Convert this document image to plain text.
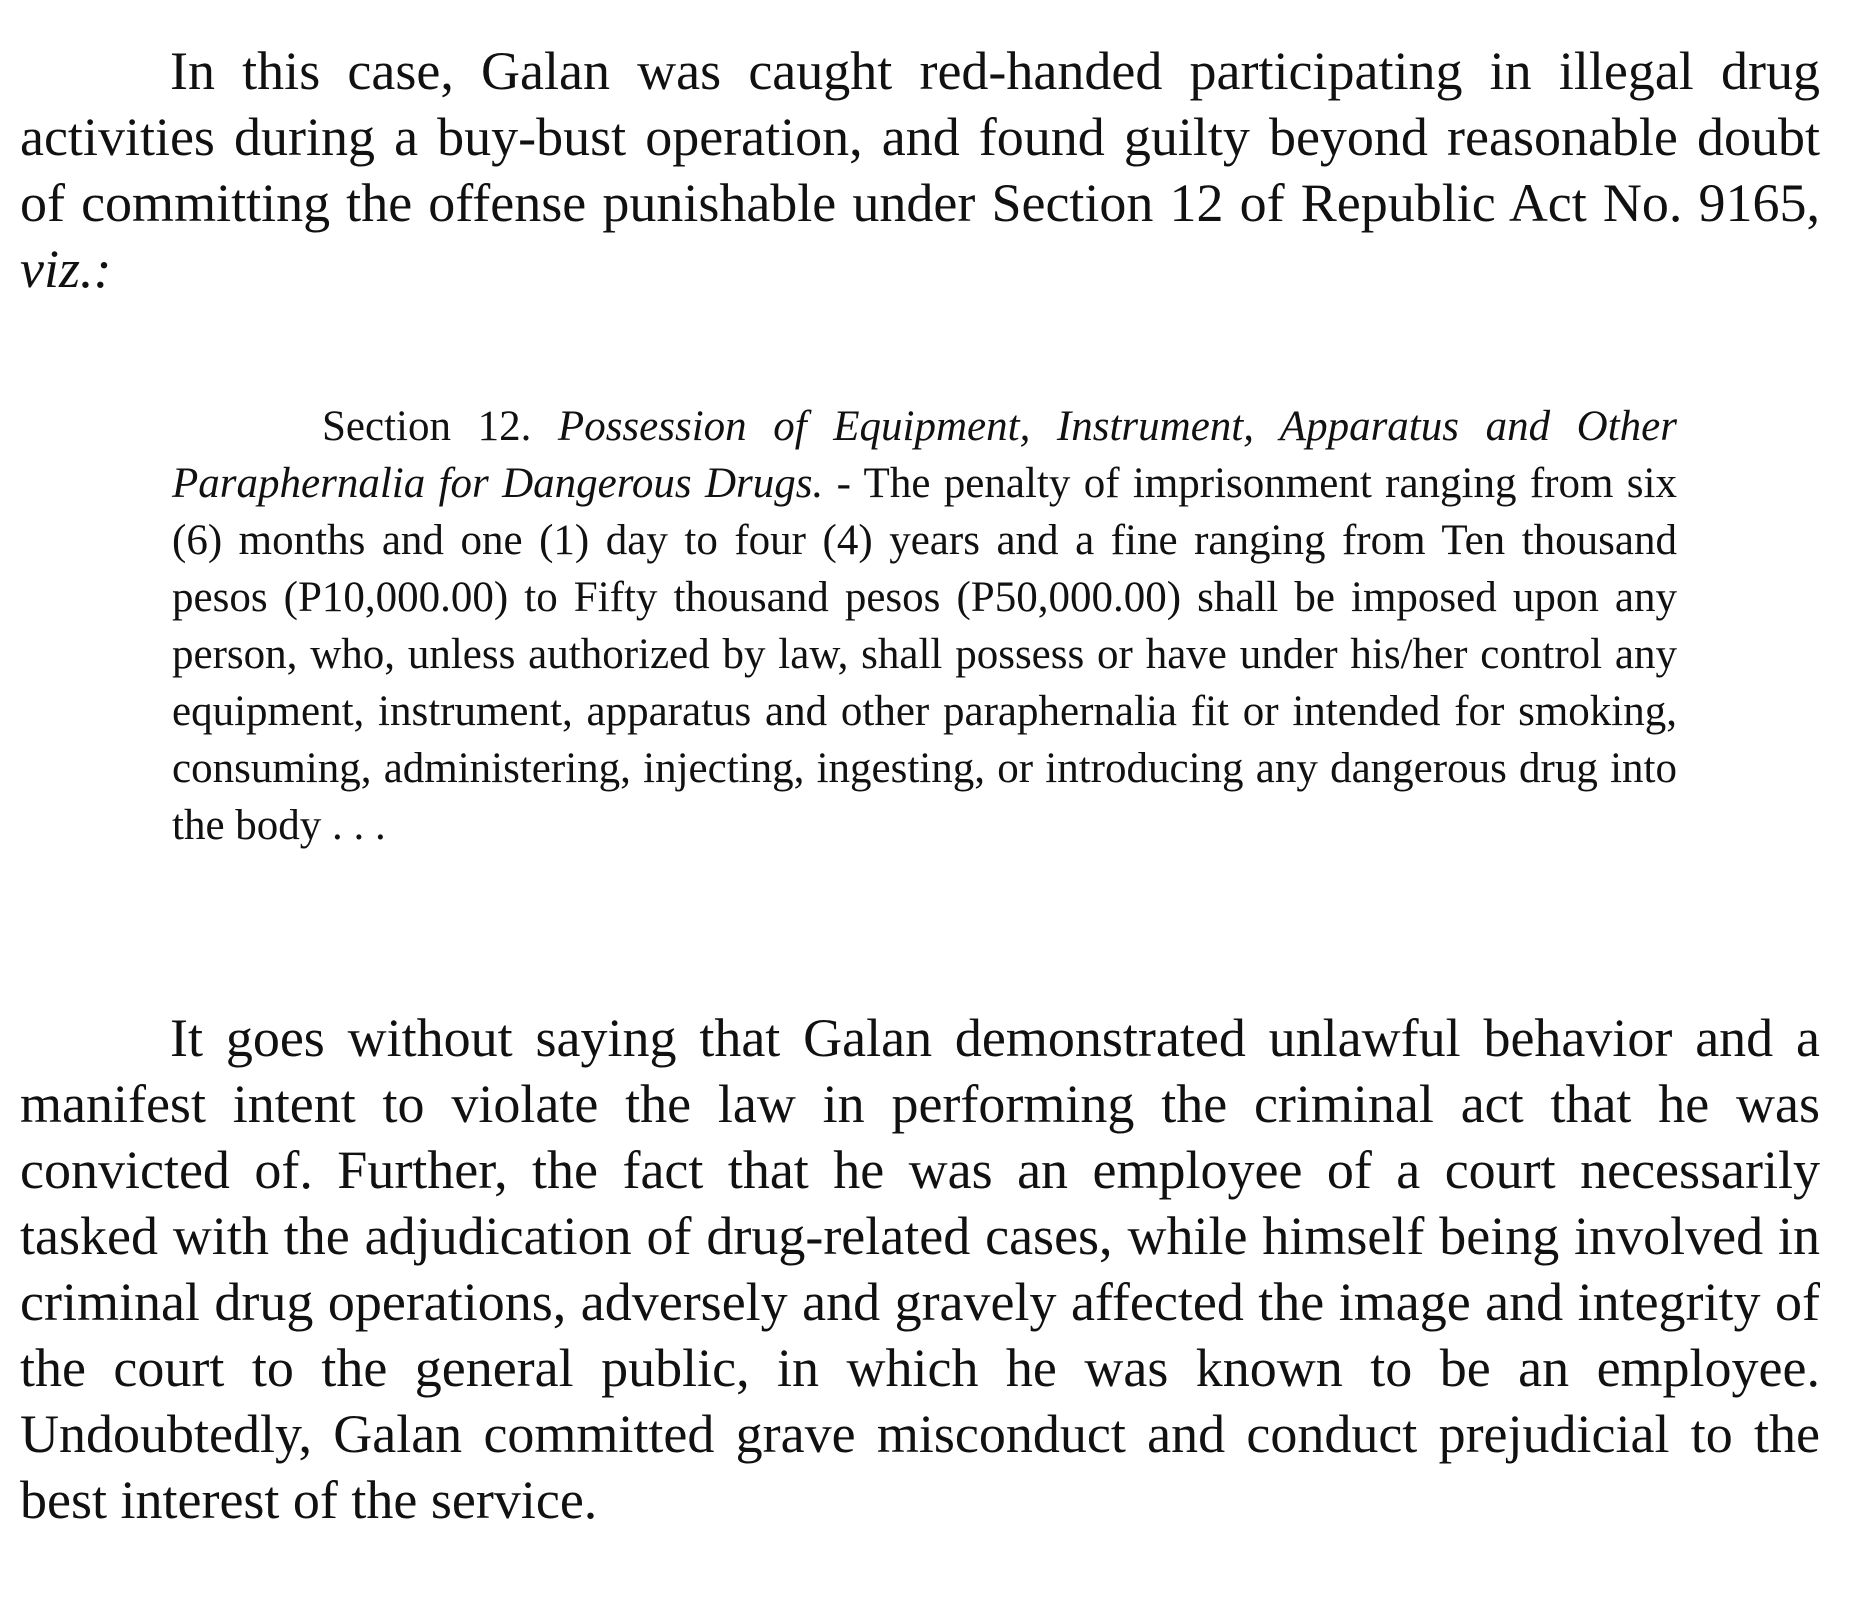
In this case, Galan was caught red-handed participating in illegal drug activities during a buy-bust operation, and found guilty beyond reasonable doubt of committing the offense punishable under Section 12 of Republic Act No. 9165, viz.:

Section 12. Possession of Equipment, Instrument, Apparatus and Other Paraphernalia for Dangerous Drugs. - The penalty of imprisonment ranging from six (6) months and one (1) day to four (4) years and a fine ranging from Ten thousand pesos (P10,000.00) to Fifty thousand pesos (P50,000.00) shall be imposed upon any person, who, unless authorized by law, shall possess or have under his/her control any equipment, instrument, apparatus and other paraphernalia fit or intended for smoking, consuming, administering, injecting, ingesting, or introducing any dangerous drug into the body . . .

It goes without saying that Galan demonstrated unlawful behavior and a manifest intent to violate the law in performing the criminal act that he was convicted of. Further, the fact that he was an employee of a court necessarily tasked with the adjudication of drug-related cases, while himself being involved in criminal drug operations, adversely and gravely affected the image and integrity of the court to the general public, in which he was known to be an employee. Undoubtedly, Galan committed grave misconduct and conduct prejudicial to the best interest of the service.
